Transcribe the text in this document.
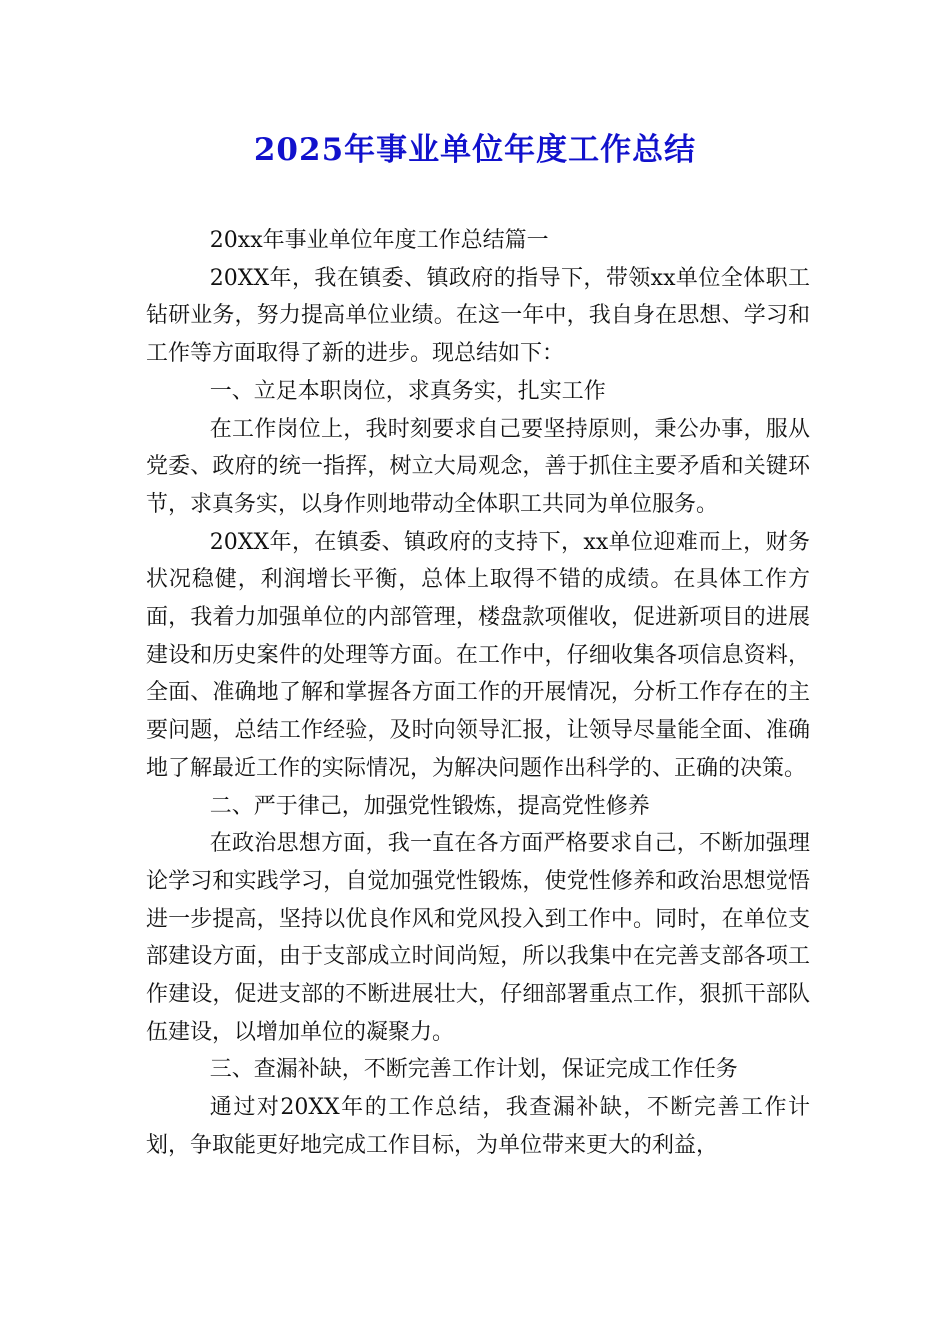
2025年事业单位年度工作总结

20xx年事业单位年度工作总结篇一

20XX年，我在镇委、镇政府的指导下，带领xx单位全体职工钻研业务，努力提高单位业绩。在这一年中，我自身在思想、学习和工作等方面取得了新的进步。现总结如下：

一、立足本职岗位，求真务实，扎实工作

在工作岗位上，我时刻要求自己要坚持原则，秉公办事，服从党委、政府的统一指挥，树立大局观念，善于抓住主要矛盾和关键环节，求真务实，以身作则地带动全体职工共同为单位服务。

20XX年，在镇委、镇政府的支持下，xx单位迎难而上，财务状况稳健，利润增长平衡，总体上取得不错的成绩。在具体工作方面，我着力加强单位的内部管理，楼盘款项催收，促进新项目的进展建设和历史案件的处理等方面。在工作中，仔细收集各项信息资料，全面、准确地了解和掌握各方面工作的开展情况，分析工作存在的主要问题，总结工作经验，及时向领导汇报，让领导尽量能全面、准确地了解最近工作的实际情况，为解决问题作出科学的、正确的决策。

二、严于律己，加强党性锻炼，提高党性修养

在政治思想方面，我一直在各方面严格要求自己，不断加强理论学习和实践学习，自觉加强党性锻炼，使党性修养和政治思想觉悟进一步提高，坚持以优良作风和党风投入到工作中。同时，在单位支部建设方面，由于支部成立时间尚短，所以我集中在完善支部各项工作建设，促进支部的不断进展壮大，仔细部署重点工作，狠抓干部队伍建设，以增加单位的凝聚力。

三、查漏补缺，不断完善工作计划，保证完成工作任务

通过对20XX年的工作总结，我查漏补缺，不断完善工作计划，争取能更好地完成工作目标，为单位带来更大的利益，
